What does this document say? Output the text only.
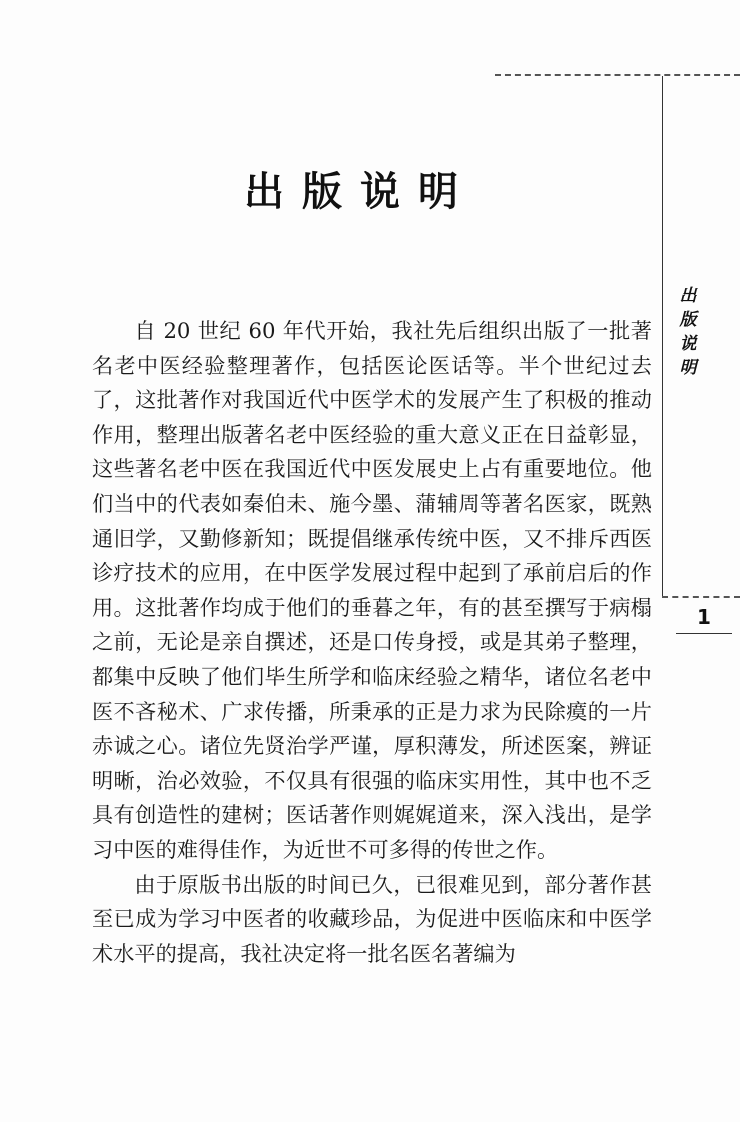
出版说明
出
版
说
明
1

自 20 世纪 60 年代开始，我社先后组织出版了一批著名老中医经验整理著作，包括医论医话等。半个世纪过去了，这批著作对我国近代中医学术的发展产生了积极的推动作用，整理出版著名老中医经验的重大意义正在日益彰显，这些著名老中医在我国近代中医发展史上占有重要地位。他们当中的代表如秦伯未、施今墨、蒲辅周等著名医家，既熟通旧学，又勤修新知；既提倡继承传统中医，又不排斥西医诊疗技术的应用，在中医学发展过程中起到了承前启后的作用。这批著作均成于他们的垂暮之年，有的甚至撰写于病榻之前，无论是亲自撰述，还是口传身授，或是其弟子整理，都集中反映了他们毕生所学和临床经验之精华，诸位名老中医不吝秘术、广求传播，所秉承的正是力求为民除瘼的一片赤诚之心。诸位先贤治学严谨，厚积薄发，所述医案，辨证明晰，治必效验，不仅具有很强的临床实用性，其中也不乏具有创造性的建树；医话著作则娓娓道来，深入浅出，是学习中医的难得佳作，为近世不可多得的传世之作。

由于原版书出版的时间已久，已很难见到，部分著作甚至已成为学习中医者的收藏珍品，为促进中医临床和中医学术水平的提高，我社决定将一批名医名著编为
